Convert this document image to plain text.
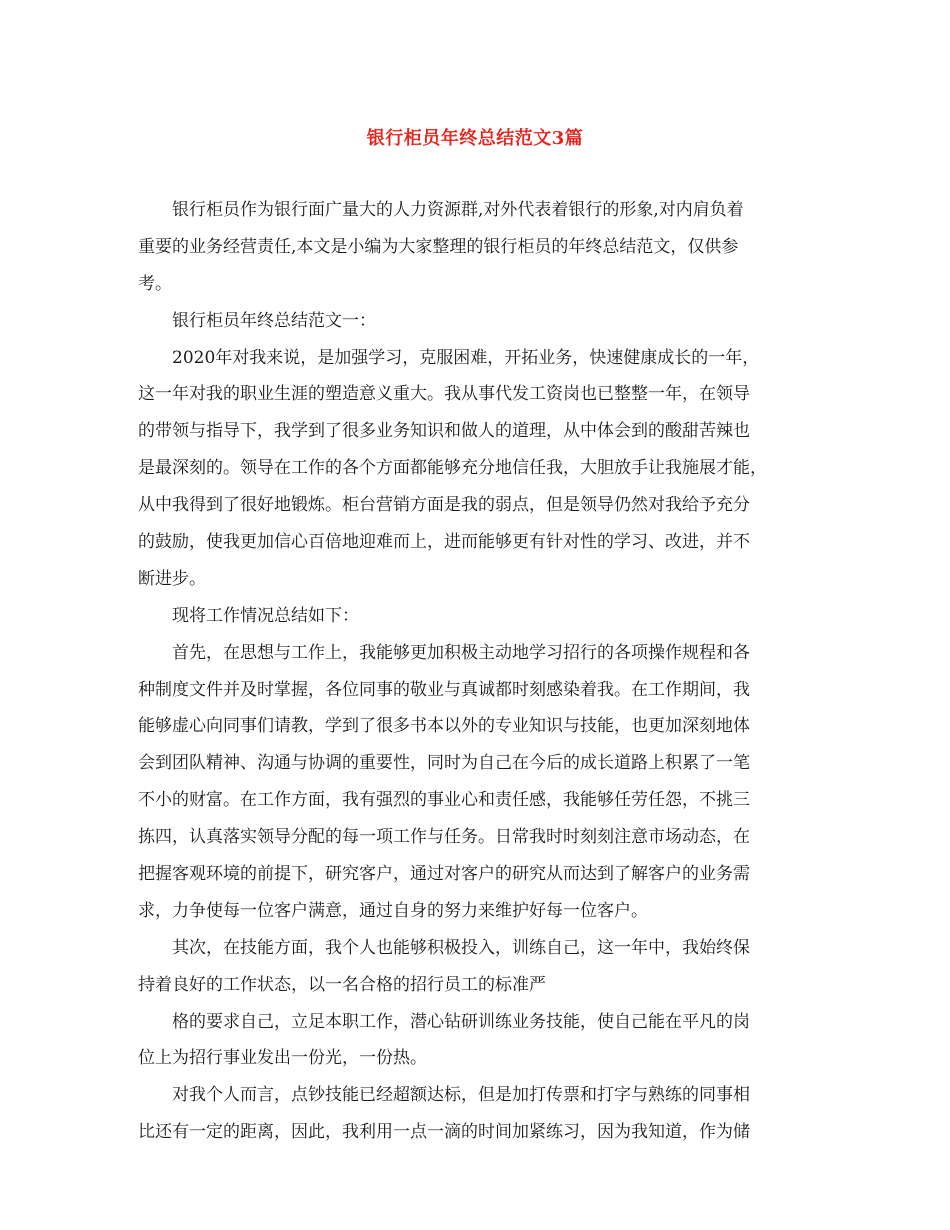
银行柜员年终总结范文3篇
银行柜员作为银行面广量大的人力资源群,对外代表着银行的形象,对内肩负着
重要的业务经营责任,本文是小编为大家整理的银行柜员的年终总结范文，仅供参
考。
银行柜员年终总结范文一：
2020年对我来说，是加强学习，克服困难，开拓业务，快速健康成长的一年，
这一年对我的职业生涯的塑造意义重大。我从事代发工资岗也已整整一年，在领导
的带领与指导下，我学到了很多业务知识和做人的道理，从中体会到的酸甜苦辣也
是最深刻的。领导在工作的各个方面都能够充分地信任我，大胆放手让我施展才能，
从中我得到了很好地锻炼。柜台营销方面是我的弱点，但是领导仍然对我给予充分
的鼓励，使我更加信心百倍地迎难而上，进而能够更有针对性的学习、改进，并不
断进步。
现将工作情况总结如下：
首先，在思想与工作上，我能够更加积极主动地学习招行的各项操作规程和各
种制度文件并及时掌握，各位同事的敬业与真诚都时刻感染着我。在工作期间，我
能够虚心向同事们请教，学到了很多书本以外的专业知识与技能，也更加深刻地体
会到团队精神、沟通与协调的重要性，同时为自己在今后的成长道路上积累了一笔
不小的财富。在工作方面，我有强烈的事业心和责任感，我能够任劳任怨，不挑三
拣四，认真落实领导分配的每一项工作与任务。日常我时时刻刻注意市场动态，在
把握客观环境的前提下，研究客户，通过对客户的研究从而达到了解客户的业务需
求，力争使每一位客户满意，通过自身的努力来维护好每一位客户。
其次，在技能方面，我个人也能够积极投入，训练自己，这一年中，我始终保
持着良好的工作状态，以一名合格的招行员工的标准严
格的要求自己，立足本职工作，潜心钻研训练业务技能，使自己能在平凡的岗
位上为招行事业发出一份光，一份热。
对我个人而言，点钞技能已经超额达标，但是加打传票和打字与熟练的同事相
比还有一定的距离，因此，我利用一点一滴的时间加紧练习，因为我知道，作为储
